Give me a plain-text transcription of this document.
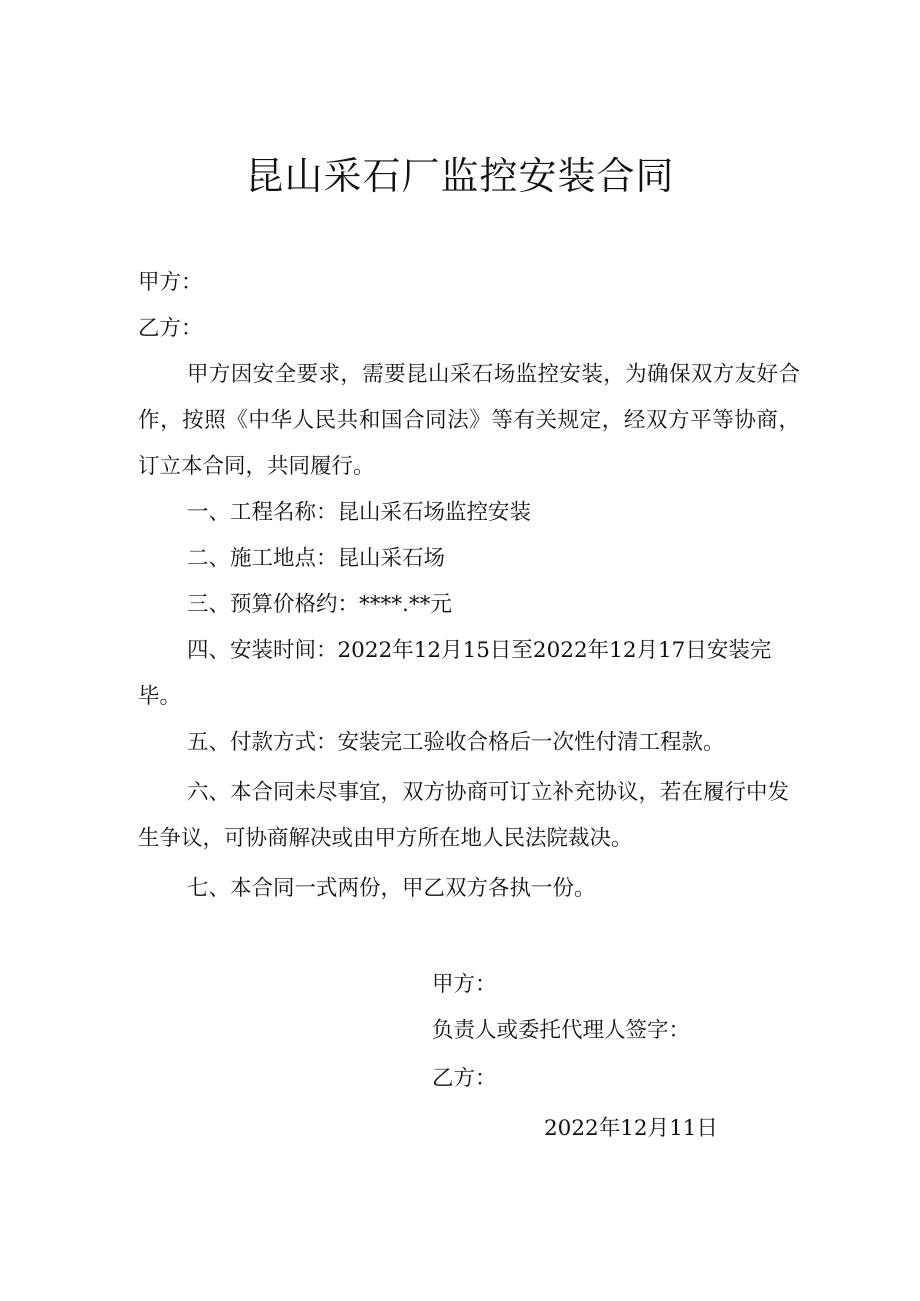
昆山采石厂监控安装合同
甲方：
乙方：
甲方因安全要求，需要昆山采石场监控安装，为确保双方友好合作，按照《中华人民共和国合同法》等有关规定，经双方平等协商，订立本合同，共同履行。
一、工程名称：昆山采石场监控安装
二、施工地点：昆山采石场
三、预算价格约：****.**元
四、安装时间：2022年12月15日至2022年12月17日安装完毕。
五、付款方式：安装完工验收合格后一次性付清工程款。
六、本合同未尽事宜，双方协商可订立补充协议，若在履行中发生争议，可协商解决或由甲方所在地人民法院裁决。
七、本合同一式两份，甲乙双方各执一份。
甲方：
负责人或委托代理人签字：
乙方：
2022年12月11日
